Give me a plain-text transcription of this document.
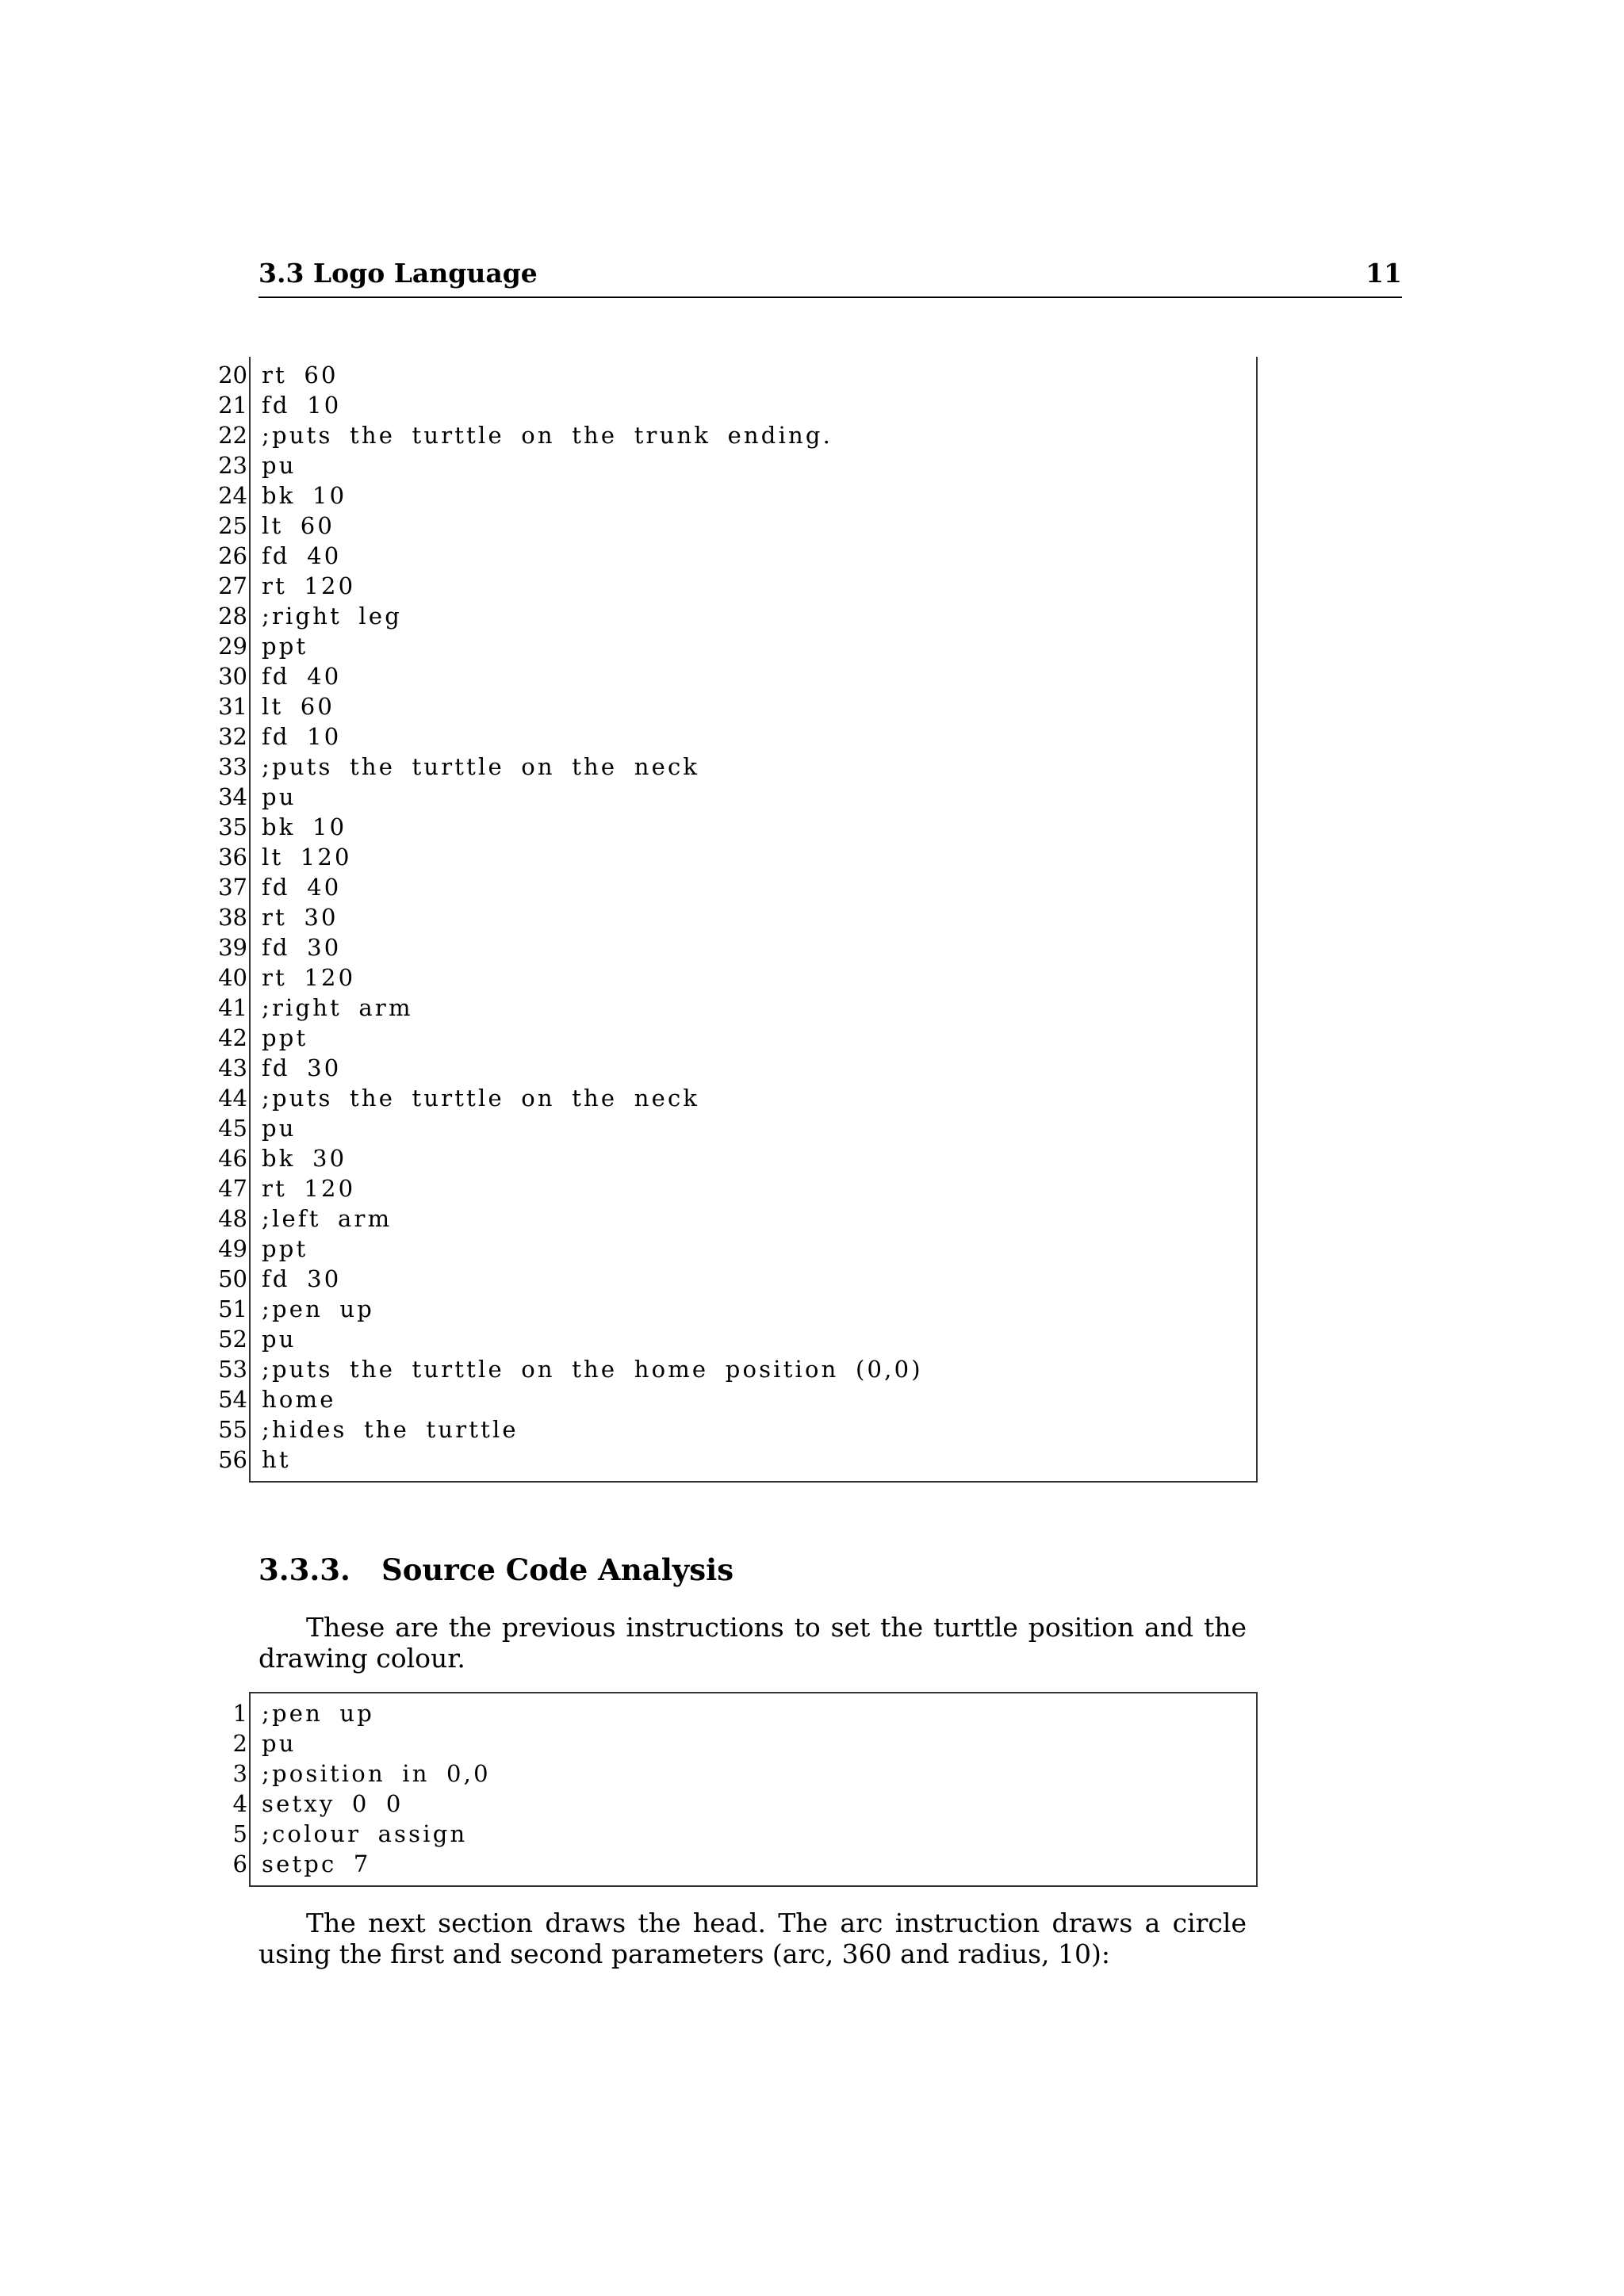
3.3 Logo Language	11
20 rt 60
21 fd 10
22 ;puts the turttle on the trunk ending.
23 pu
24 bk 10
25 lt 60
26 fd 40
27 rt 120
28 ;right leg
29 ppt
30 fd 40
31 lt 60
32 fd 10
33 ;puts the turttle on the neck
34 pu
35 bk 10
36 lt 120
37 fd 40
38 rt 30
39 fd 30
40 rt 120
41 ;right arm
42 ppt
43 fd 30
44 ;puts the turttle on the neck
45 pu
46 bk 30
47 rt 120
48 ;left arm
49 ppt
50 fd 30
51 ;pen up
52 pu
53 ;puts the turttle on the home position (0,0)
54 home
55 ;hides the turttle
56 ht
3.3.3. Source Code Analysis

These are the previous instructions to set the turttle position and the drawing colour.

1 ;pen up
2 pu
3 ;position in 0,0
4 setxy 0 0
5 ;colour assign
6 setpc 7

The next section draws the head. The arc instruction draws a circle using the first and second parameters (arc, 360 and radius, 10):
